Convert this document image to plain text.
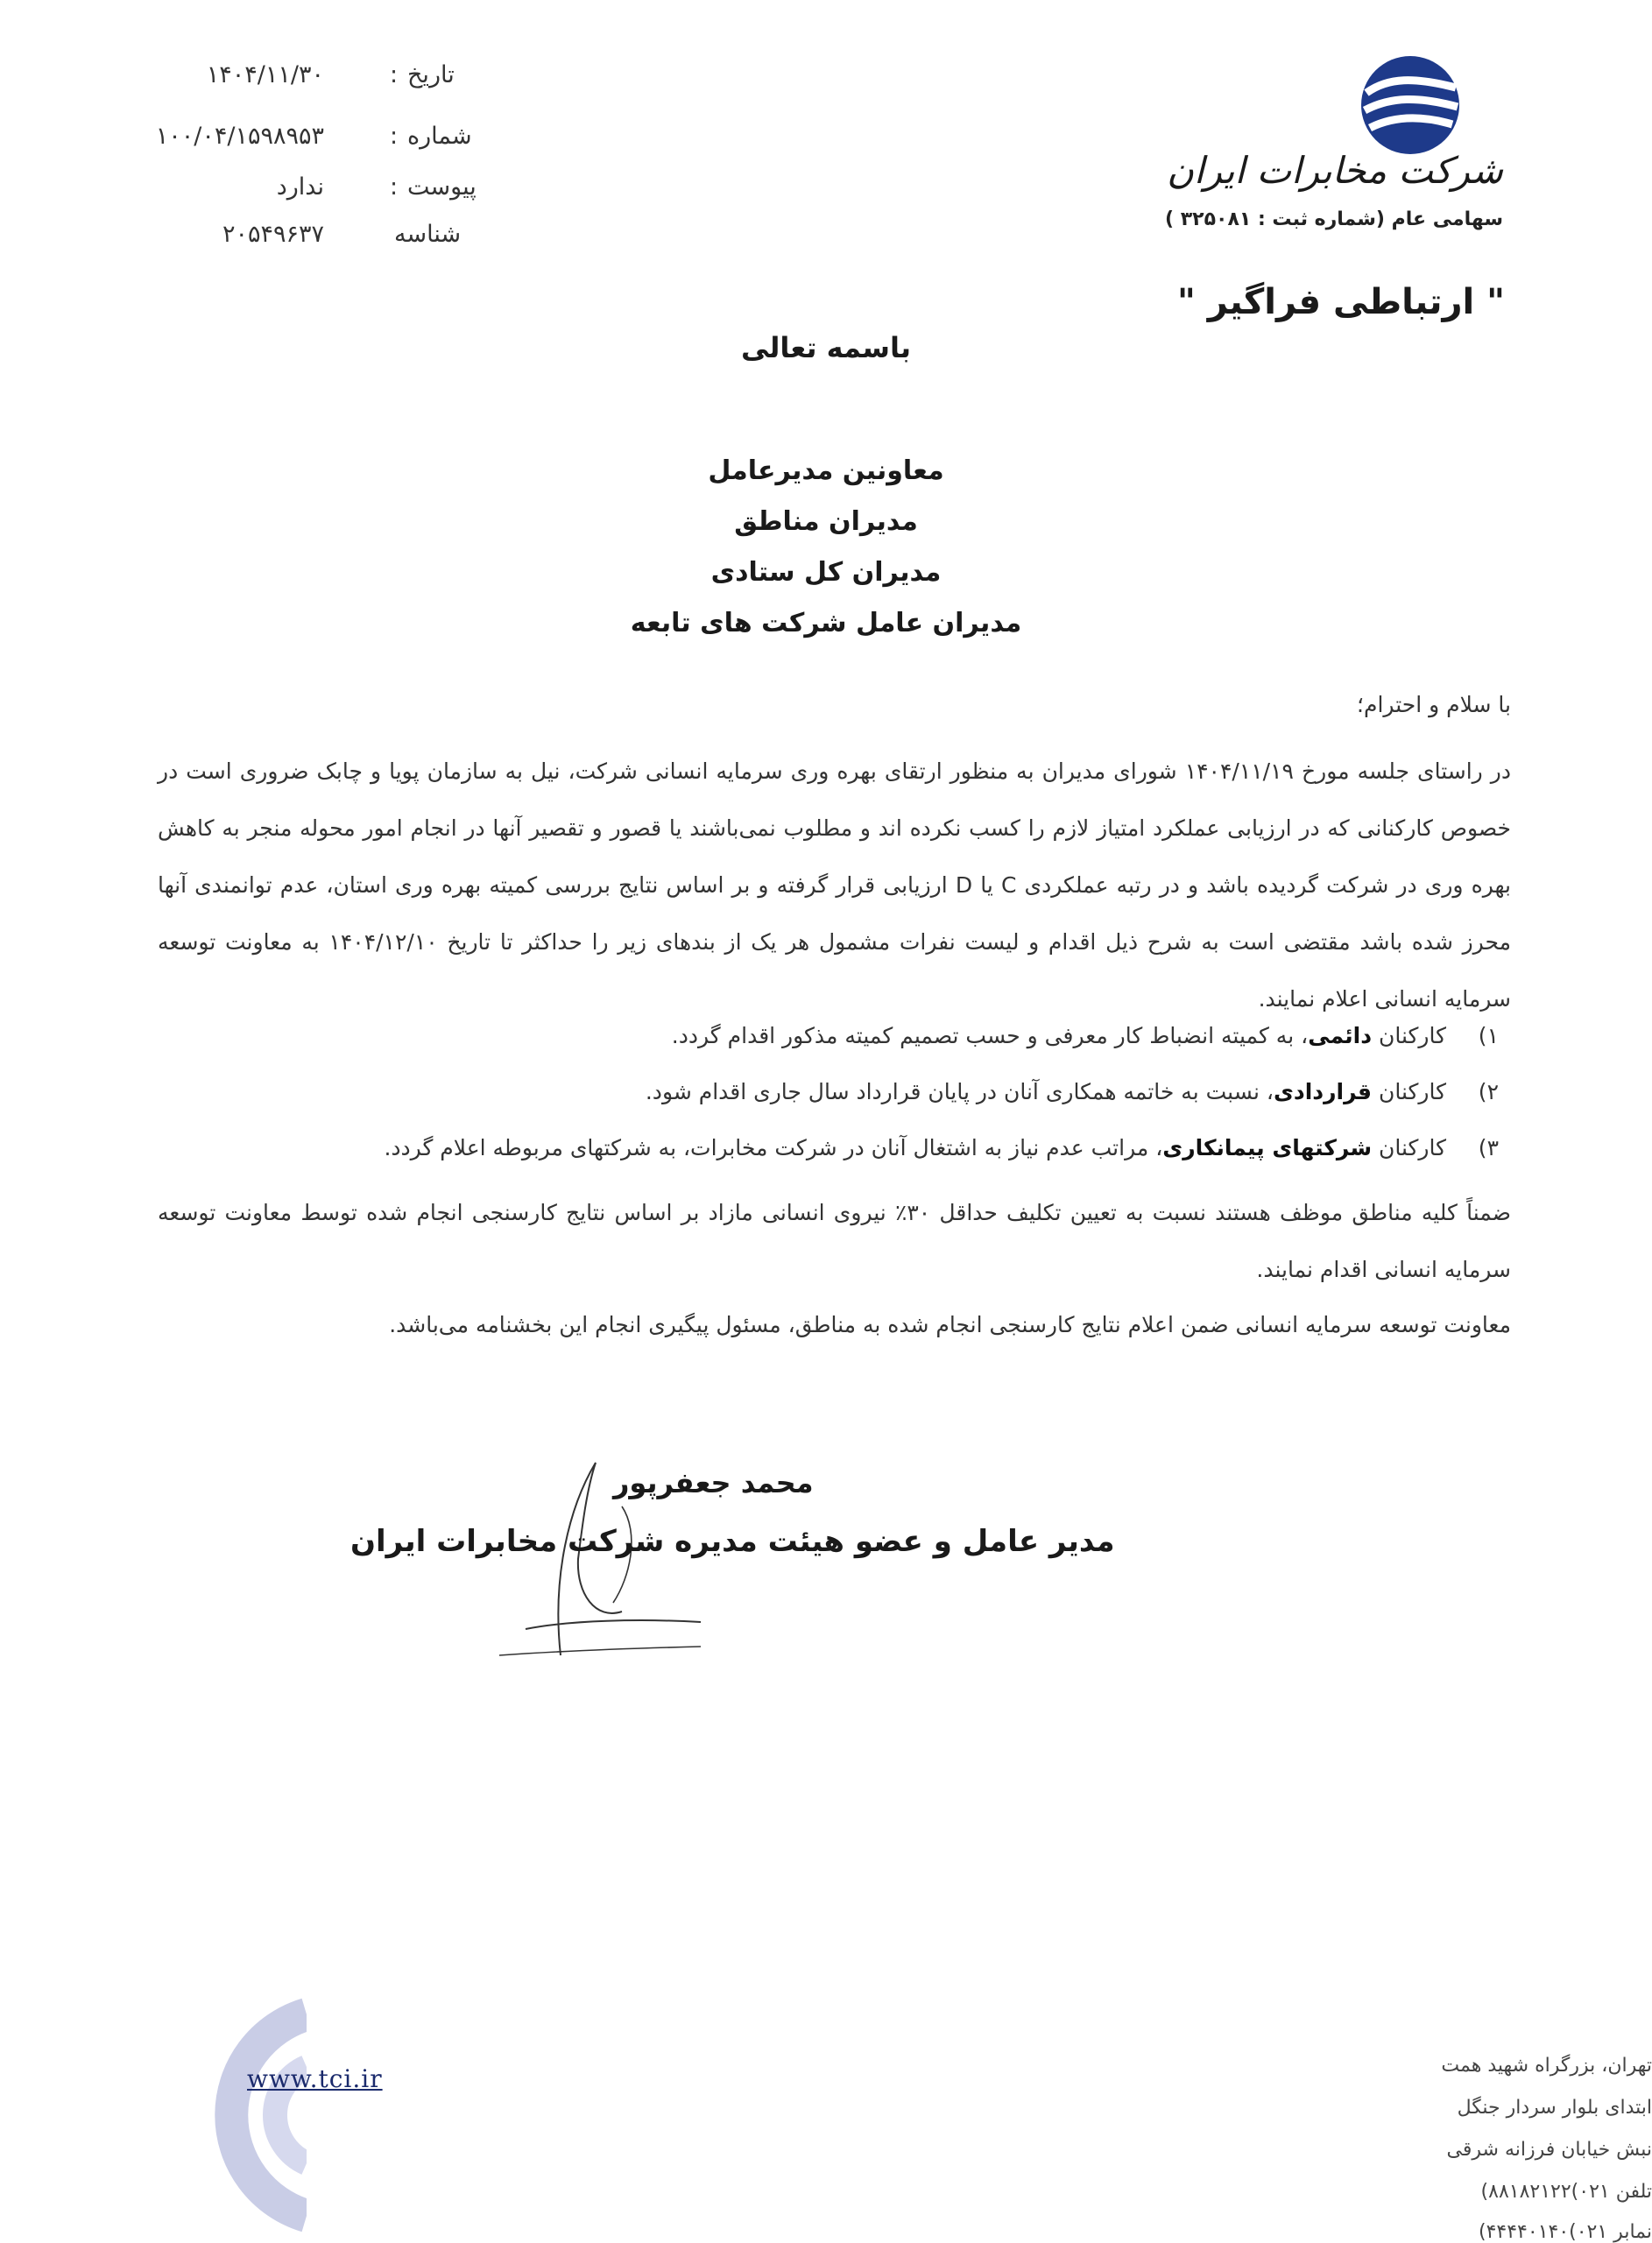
۱۴۰۴/۱۱/۳۰	: تاریخ
۱۰۰/۰۴/۱۵۹۸۹۵۳	: شماره
ندارد	: پیوست
۲۰۵۴۹۶۳۷	شناسه
شرکت مخابرات ایران
سهامی عام (شماره ثبت : ۳۲۵۰۸۱ )
" ارتباطی فراگیر "
باسمه تعالی
معاونین مدیرعامل
مدیران مناطق
مدیران کل ستادی
مدیران عامل شرکت های تابعه
با سلام و احترام؛

در راستای جلسه مورخ ۱۴۰۴/۱۱/۱۹ شورای مدیران به منظور ارتقای بهره وری سرمایه انسانی شرکت، نیل به سازمان پویا و چابک ضروری است در خصوص کارکنانی که در ارزیابی عملکرد امتیاز لازم را کسب نکرده اند و مطلوب نمی‌باشند یا قصور و تقصیر آنها در انجام امور محوله منجر به کاهش بهره وری در شرکت گردیده باشد و در رتبه عملکردی C یا D ارزیابی قرار گرفته و بر اساس نتایج بررسی کمیته بهره وری استان، عدم توانمندی آنها محرز شده باشد مقتضی است به شرح ذیل اقدام و لیست نفرات مشمول هر یک از بندهای زیر را حداکثر تا تاریخ ۱۴۰۴/۱۲/۱۰ به معاونت توسعه سرمایه انسانی اعلام نمایند.

۱)کارکنان دائمی، به کمیته انضباط کار معرفی و حسب تصمیم کمیته مذکور اقدام گردد.
۲)کارکنان قراردادی، نسبت به خاتمه همکاری آنان در پایان قرارداد سال جاری اقدام شود.
۳)کارکنان شرکتهای پیمانکاری، مراتب عدم نیاز به اشتغال آنان در شرکت مخابرات، به شرکتهای مربوطه اعلام گردد.

ضمناً کلیه مناطق موظف هستند نسبت به تعیین تکلیف حداقل ۳۰٪ نیروی انسانی مازاد بر اساس نتایج کارسنجی انجام شده توسط معاونت توسعه سرمایه انسانی اقدام نمایند.

معاونت توسعه سرمایه انسانی ضمن اعلام نتایج کارسنجی انجام شده به مناطق، مسئول پیگیری انجام این بخشنامه می‌باشد.

محمد جعفرپور
مدیر عامل و عضو هیئت مدیره شرکت مخابرات ایران
www.tci.ir	تهران، بزرگراه شهید همت
ابتدای بلوار سردار جنگل
نبش خیابان فرزانه شرقی
تلفن ۰۲۱)۸۸۱۸۲۱۲۲)
نمابر ۰۲۱)۴۴۴۴۰۱۴۰)
